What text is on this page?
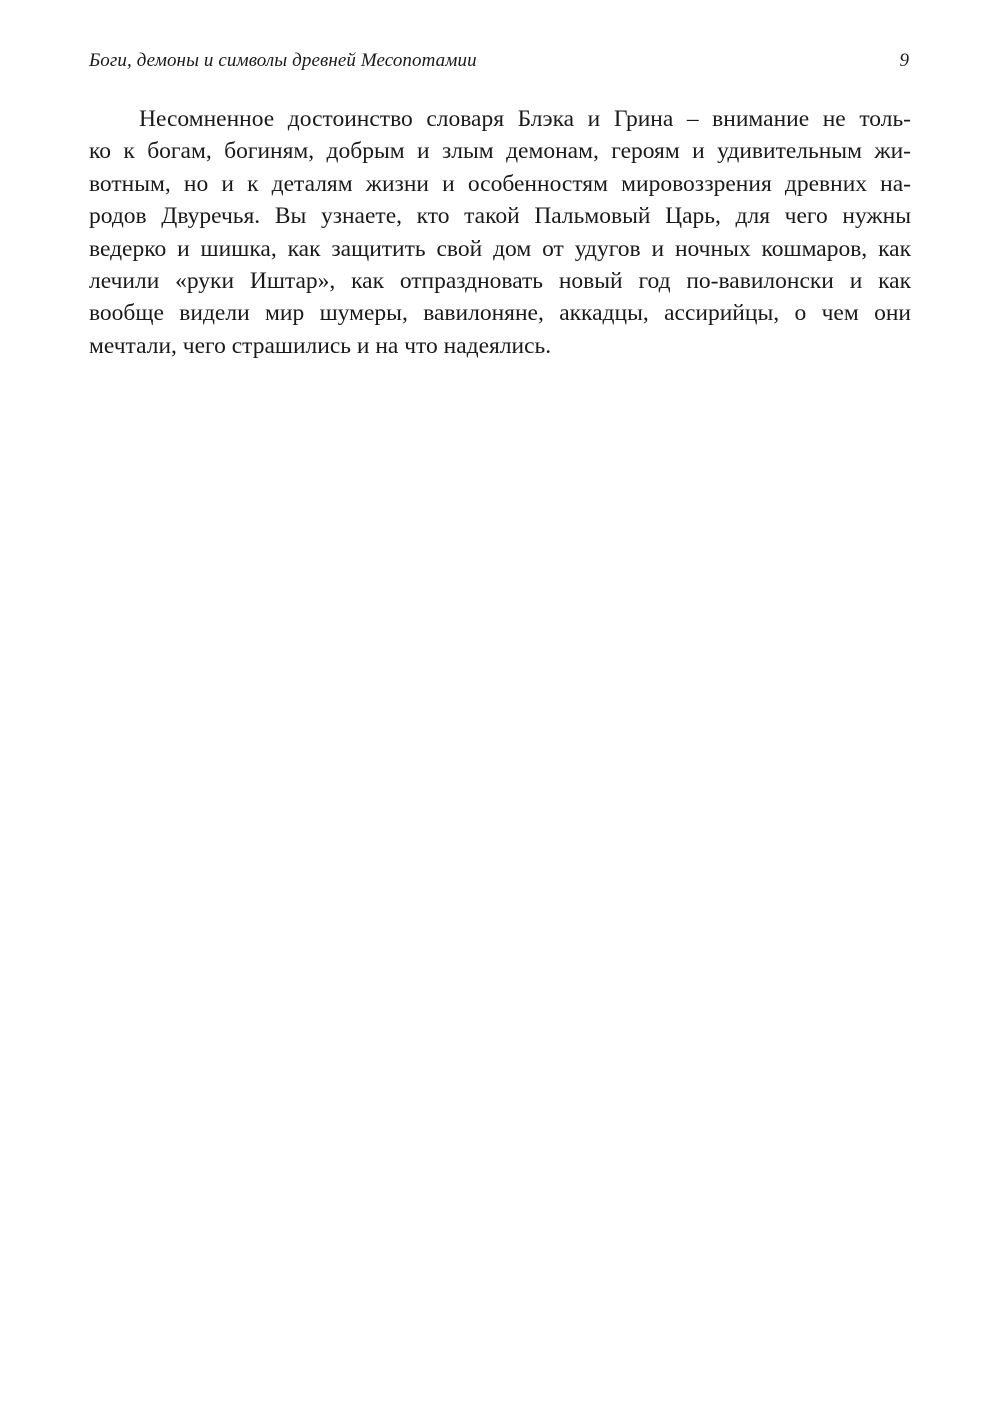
Боги, демоны и символы древней Месопотамии	9
Несомненное достоинство словаря Блэка и Грина – внимание не толь-
ко к богам, богиням, добрым и злым демонам, героям и удивительным жи-
вотным, но и к деталям жизни и особенностям мировоззрения древних на-
родов Двуречья. Вы узнаете, кто такой Пальмовый Царь, для чего нужны
ведерко и шишка, как защитить свой дом от удугов и ночных кошмаров, как
лечили «руки Иштар», как отпраздновать новый год по-вавилонски и как
вообще видели мир шумеры, вавилоняне, аккадцы, ассирийцы, о чем они
мечтали, чего страшились и на что надеялись.
